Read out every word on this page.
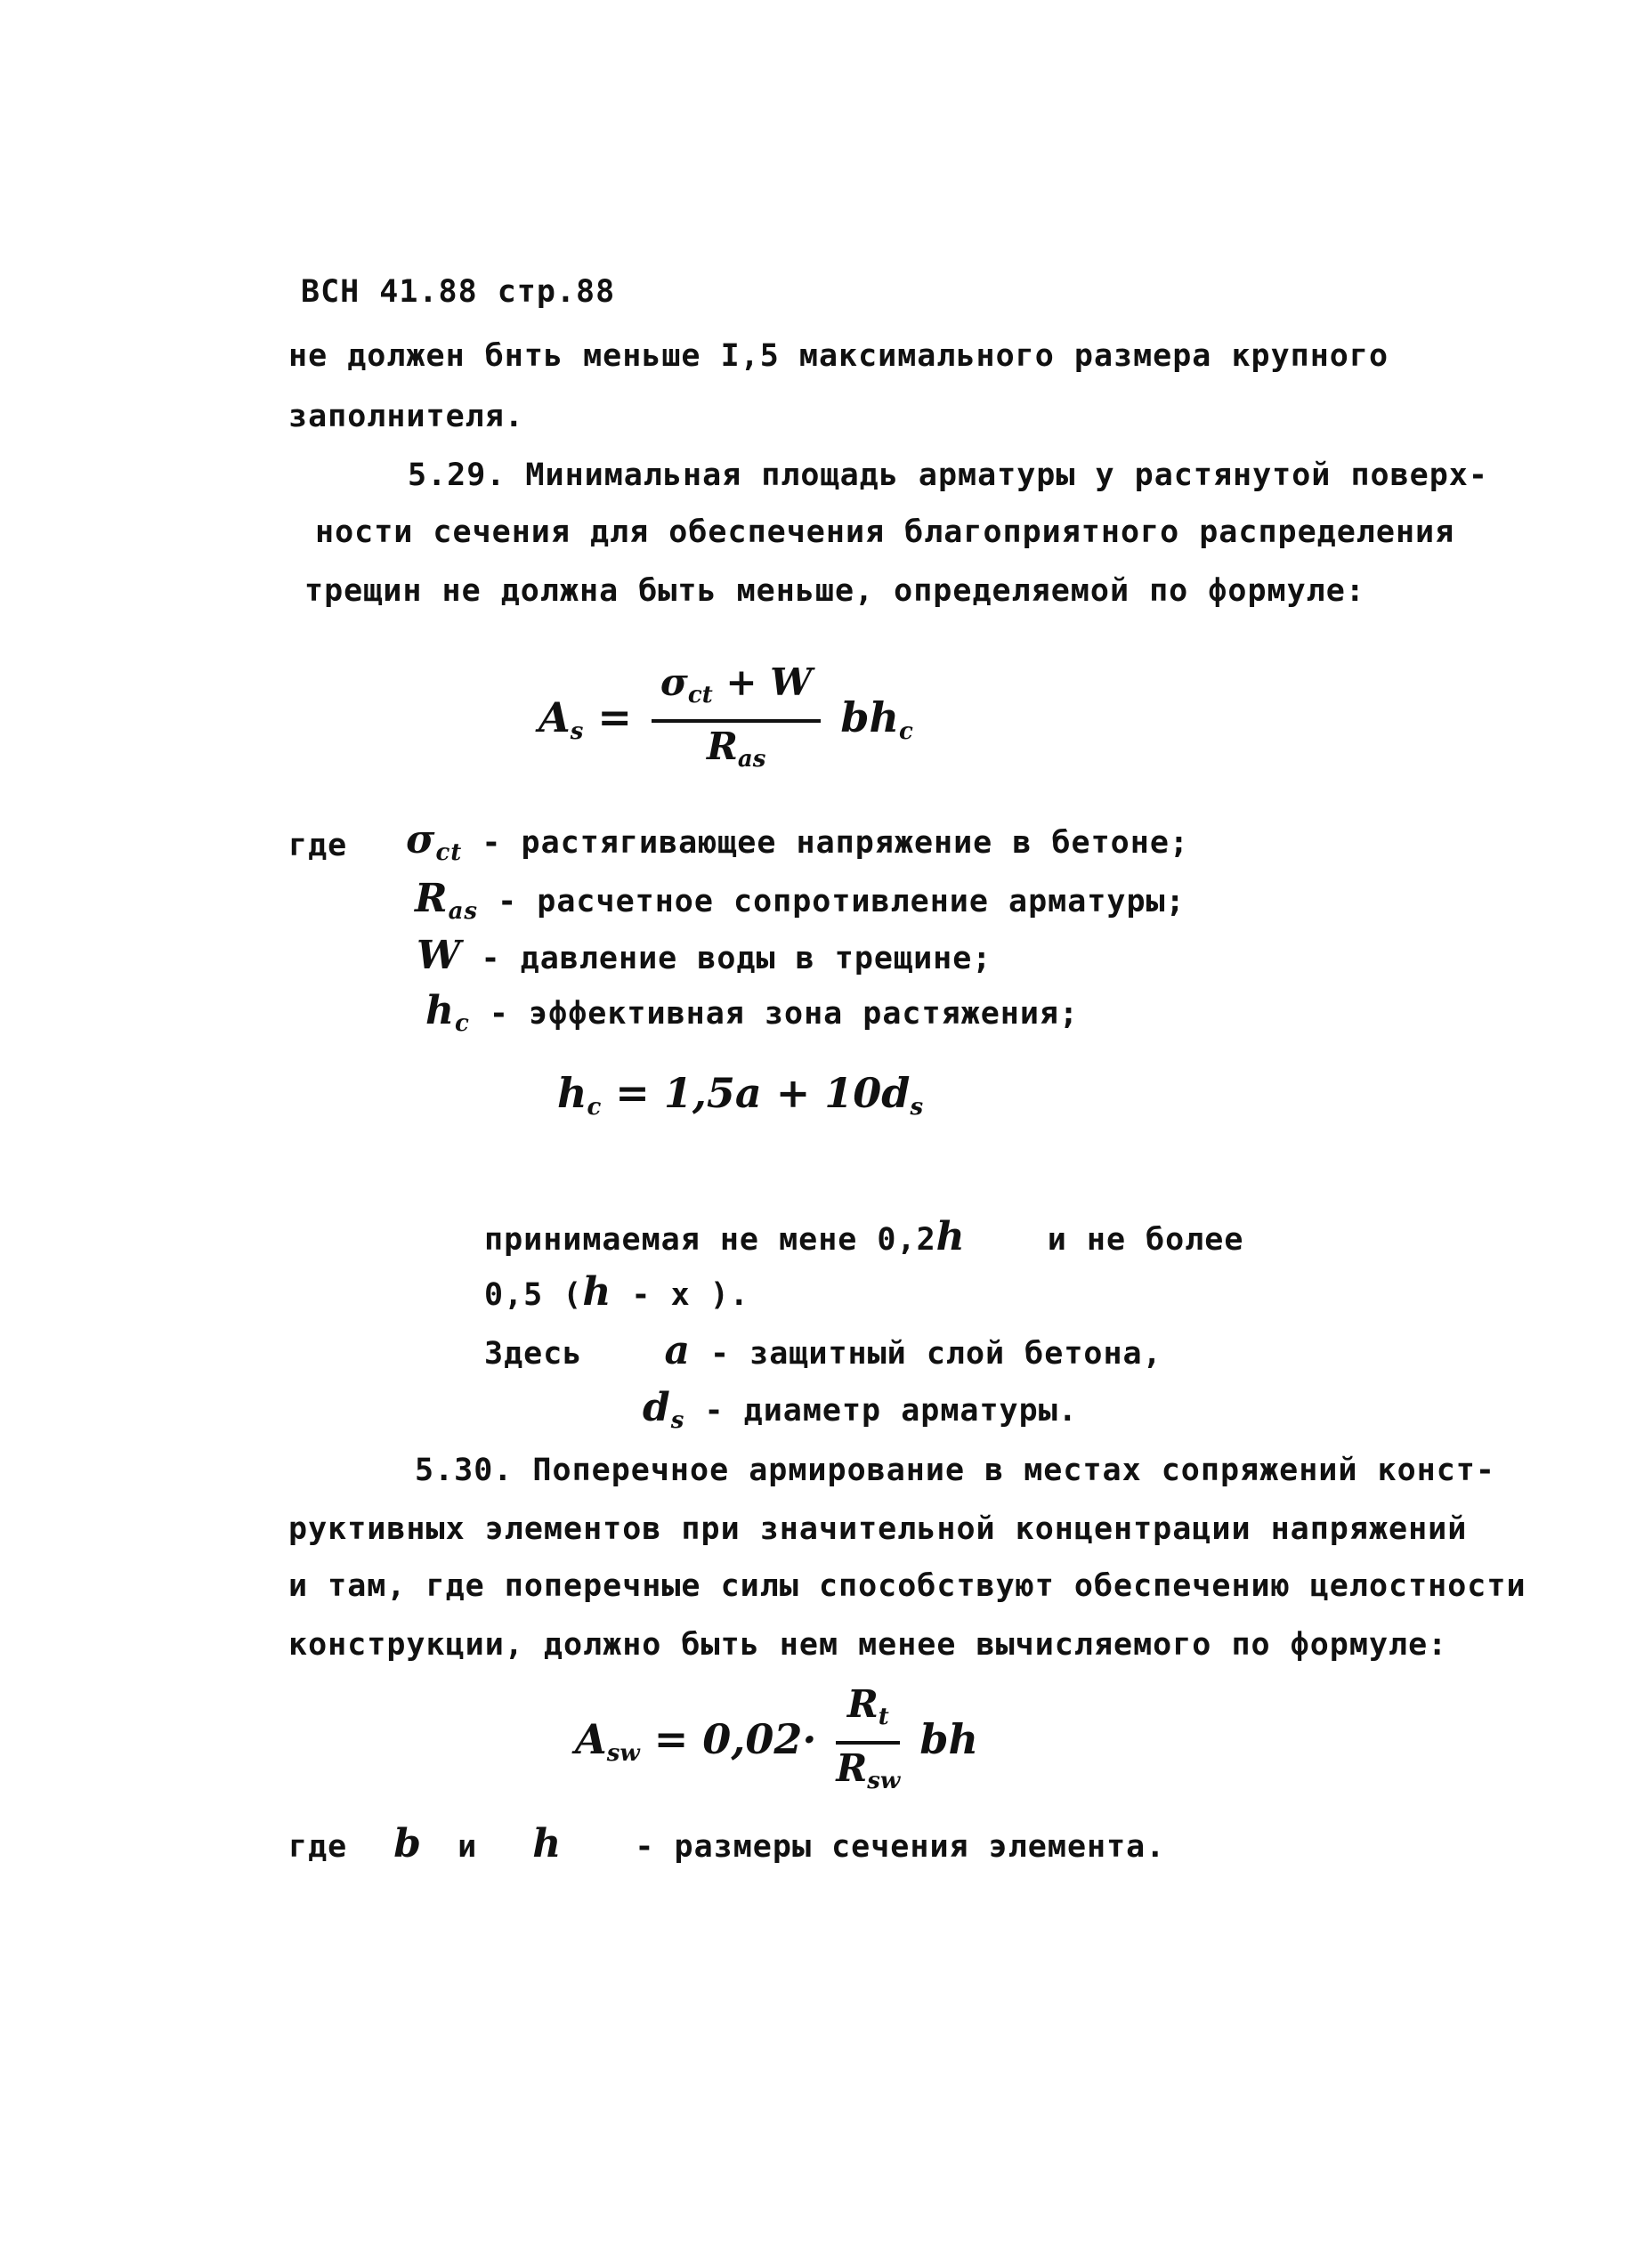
ВСН 41.88 стр.88
не должен бнть меньше I,5 максимального размера крупного
заполнителя.
5.29. Минимальная площадь арматуры у растянутой поверх-
ности сечения для обеспечения благоприятного распределения
трещин не должна быть меньше, определяемой по формуле:
$A_s = \frac{\sigma_{ct} + W}{R_{as}} bh_c$
где $\sigma_{ct}$ - растягивающее напряжение в бетоне;
$R_{as}$ - расчетное сопротивление арматуры;
W - давление воды в трещине;
$h_c$ - эффективная зона растяжения;
$h_c = 1,5a + 10d_s$
принимаемая не мене 0,2h	и не более
0,5 (h - x ).
Здесь a - защитный слой бетона,
$d_s$ - диаметр арматуры.
5.30. Поперечное армирование в местах сопряжений конст-
руктивных элементов при значительной концентрации напряжений
и там, где поперечные силы способствуют обеспечению целостности
конструкции, должно быть нем менее вычисляемого по формуле:
$A_{sw} = 0,02\cdot \frac{R_t}{R_{sw}}$ bh
где b и h - размеры сечения элемента.
